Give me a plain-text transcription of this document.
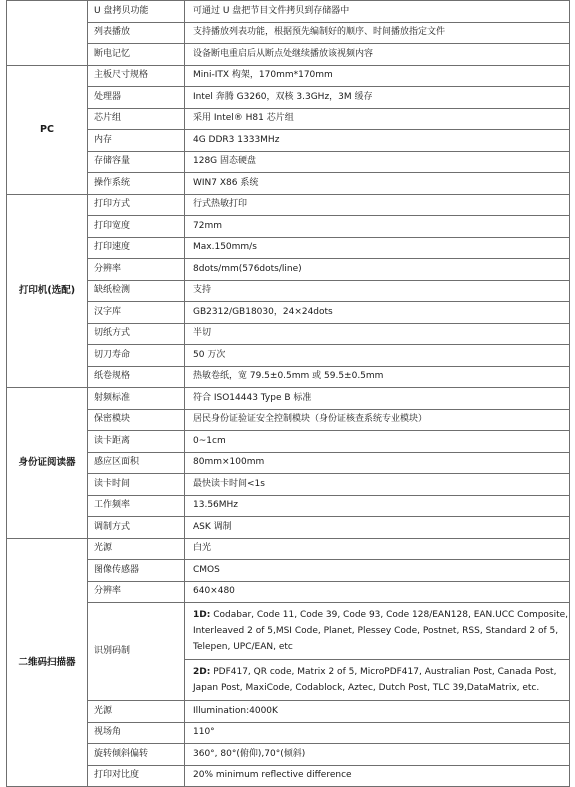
	U 盘拷贝功能	可通过 U 盘把节目文件拷贝到存储器中
	列表播放	支持播放列表功能，根据预先编制好的顺序、时间播放指定文件
	断电记忆	设备断电重启后从断点处继续播放该视频内容
PC	主板尺寸规格	Mini-ITX 构架，170mm*170mm
	处理器	Intel 奔腾 G3260，双核 3.3GHz，3M 缓存
	芯片组	采用 Intel® H81 芯片组
	内存	4G DDR3 1333MHz
	存储容量	128G 固态硬盘
	操作系统	WIN7 X86 系统
打印机(选配)	打印方式	行式热敏打印
	打印宽度	72mm
	打印速度	Max.150mm/s
	分辨率	8dots/mm(576dots/line)
	缺纸检测	支持
	汉字库	GB2312/GB18030，24×24dots
	切纸方式	半切
	切刀寿命	50 万次
	纸卷规格	热敏卷纸，宽 79.5±0.5mm 或 59.5±0.5mm
身份证阅读器	射频标准	符合 ISO14443 Type B 标准
	保密模块	居民身份证验证安全控制模块（身份证核查系统专业模块）
	读卡距离	0~1cm
	感应区面积	80mm×100mm
	读卡时间	最快读卡时间<1s
	工作频率	13.56MHz
	调制方式	ASK 调制
二维码扫描器	光源	白光
	图像传感器	CMOS
	分辨率	640×480
	识别码制	1D: Codabar, Code 11, Code 39, Code 93, Code 128/EAN128, EAN.UCC Composite, Interleaved 2 of 5,MSI Code, Planet, Plessey Code, Postnet, RSS, Standard 2 of 5, Telepen, UPC/EAN, etc
		2D: PDF417, QR code, Matrix 2 of 5, MicroPDF417, Australian Post, Canada Post, Japan Post, MaxiCode, Codablock, Aztec, Dutch Post, TLC 39,DataMatrix, etc.
	光源	Illumination:4000K
	视场角	110°
	旋转倾斜偏转	360°, 80°(俯仰),70°(倾斜)
	打印对比度	20% minimum reflective difference
